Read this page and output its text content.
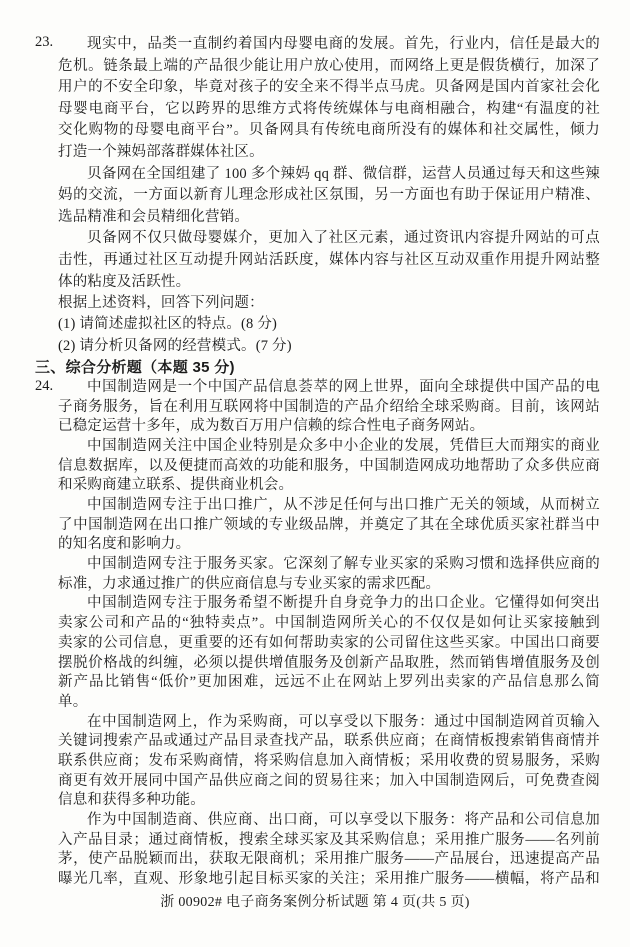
23.	现实中，品类一直制约着国内母婴电商的发展。首先，行业内，信任是最大的
危机。链条最上端的产品很少能让用户放心使用，而网络上更是假货横行，加深了
用户的不安全印象，毕竟对孩子的安全来不得半点马虎。贝备网是国内首家社会化
母婴电商平台，它以跨界的思维方式将传统媒体与电商相融合，构建“有温度的社
交化购物的母婴电商平台”。贝备网具有传统电商所没有的媒体和社交属性，倾力
打造一个辣妈部落群媒体社区。
贝备网在全国组建了 100 多个辣妈 qq 群、微信群，运营人员通过每天和这些辣
妈的交流，一方面以新育儿理念形成社区氛围，另一方面也有助于保证用户精准、
选品精准和会员精细化营销。
贝备网不仅只做母婴媒介，更加入了社区元素，通过资讯内容提升网站的可点
击性，再通过社区互动提升网站活跃度，媒体内容与社区互动双重作用提升网站整
体的粘度及活跃性。
根据上述资料，回答下列问题：
(1) 请简述虚拟社区的特点。(8 分)
(2) 请分析贝备网的经营模式。(7 分)
三、综合分析题（本题 35 分)
24.	中国制造网是一个中国产品信息荟萃的网上世界，面向全球提供中国产品的电
子商务服务，旨在利用互联网将中国制造的产品介绍给全球采购商。目前，该网站
已稳定运营十多年，成为数百万用户信赖的综合性电子商务网站。
中国制造网关注中国企业特别是众多中小企业的发展，凭借巨大而翔实的商业
信息数据库，以及便捷而高效的功能和服务，中国制造网成功地帮助了众多供应商
和采购商建立联系、提供商业机会。
中国制造网专注于出口推广，从不涉足任何与出口推广无关的领域，从而树立
了中国制造网在出口推广领域的专业级品牌，并奠定了其在全球优质买家社群当中
的知名度和影响力。
中国制造网专注于服务买家。它深刻了解专业买家的采购习惯和选择供应商的
标准，力求通过推广的供应商信息与专业买家的需求匹配。
中国制造网专注于服务希望不断提升自身竞争力的出口企业。它懂得如何突出
卖家公司和产品的“独特卖点”。中国制造网所关心的不仅仅是如何让买家接触到
卖家的公司信息，更重要的还有如何帮助卖家的公司留住这些买家。中国出口商要
摆脱价格战的纠缠，必须以提供增值服务及创新产品取胜，然而销售增值服务及创
新产品比销售“低价”更加困难，远远不止在网站上罗列出卖家的产品信息那么简
单。
在中国制造网上，作为采购商，可以享受以下服务：通过中国制造网首页输入
关键词搜索产品或通过产品目录查找产品，联系供应商；在商情板搜索销售商情并
联系供应商；发布采购商情，将采购信息加入商情板；采用收费的贸易服务，采购
商更有效开展同中国产品供应商之间的贸易往来；加入中国制造网后，可免费查阅
信息和获得多种功能。
作为中国制造商、供应商、出口商，可以享受以下服务：将产品和公司信息加
入产品目录；通过商情板，搜索全球买家及其采购信息；采用推广服务——名列前
茅，使产品脱颖而出，获取无限商机；采用推广服务——产品展台，迅速提高产品
曝光几率，直观、形象地引起目标买家的关注；采用推广服务——横幅，将产品和
浙 00902# 电子商务案例分析试题 第 4 页(共 5 页)
